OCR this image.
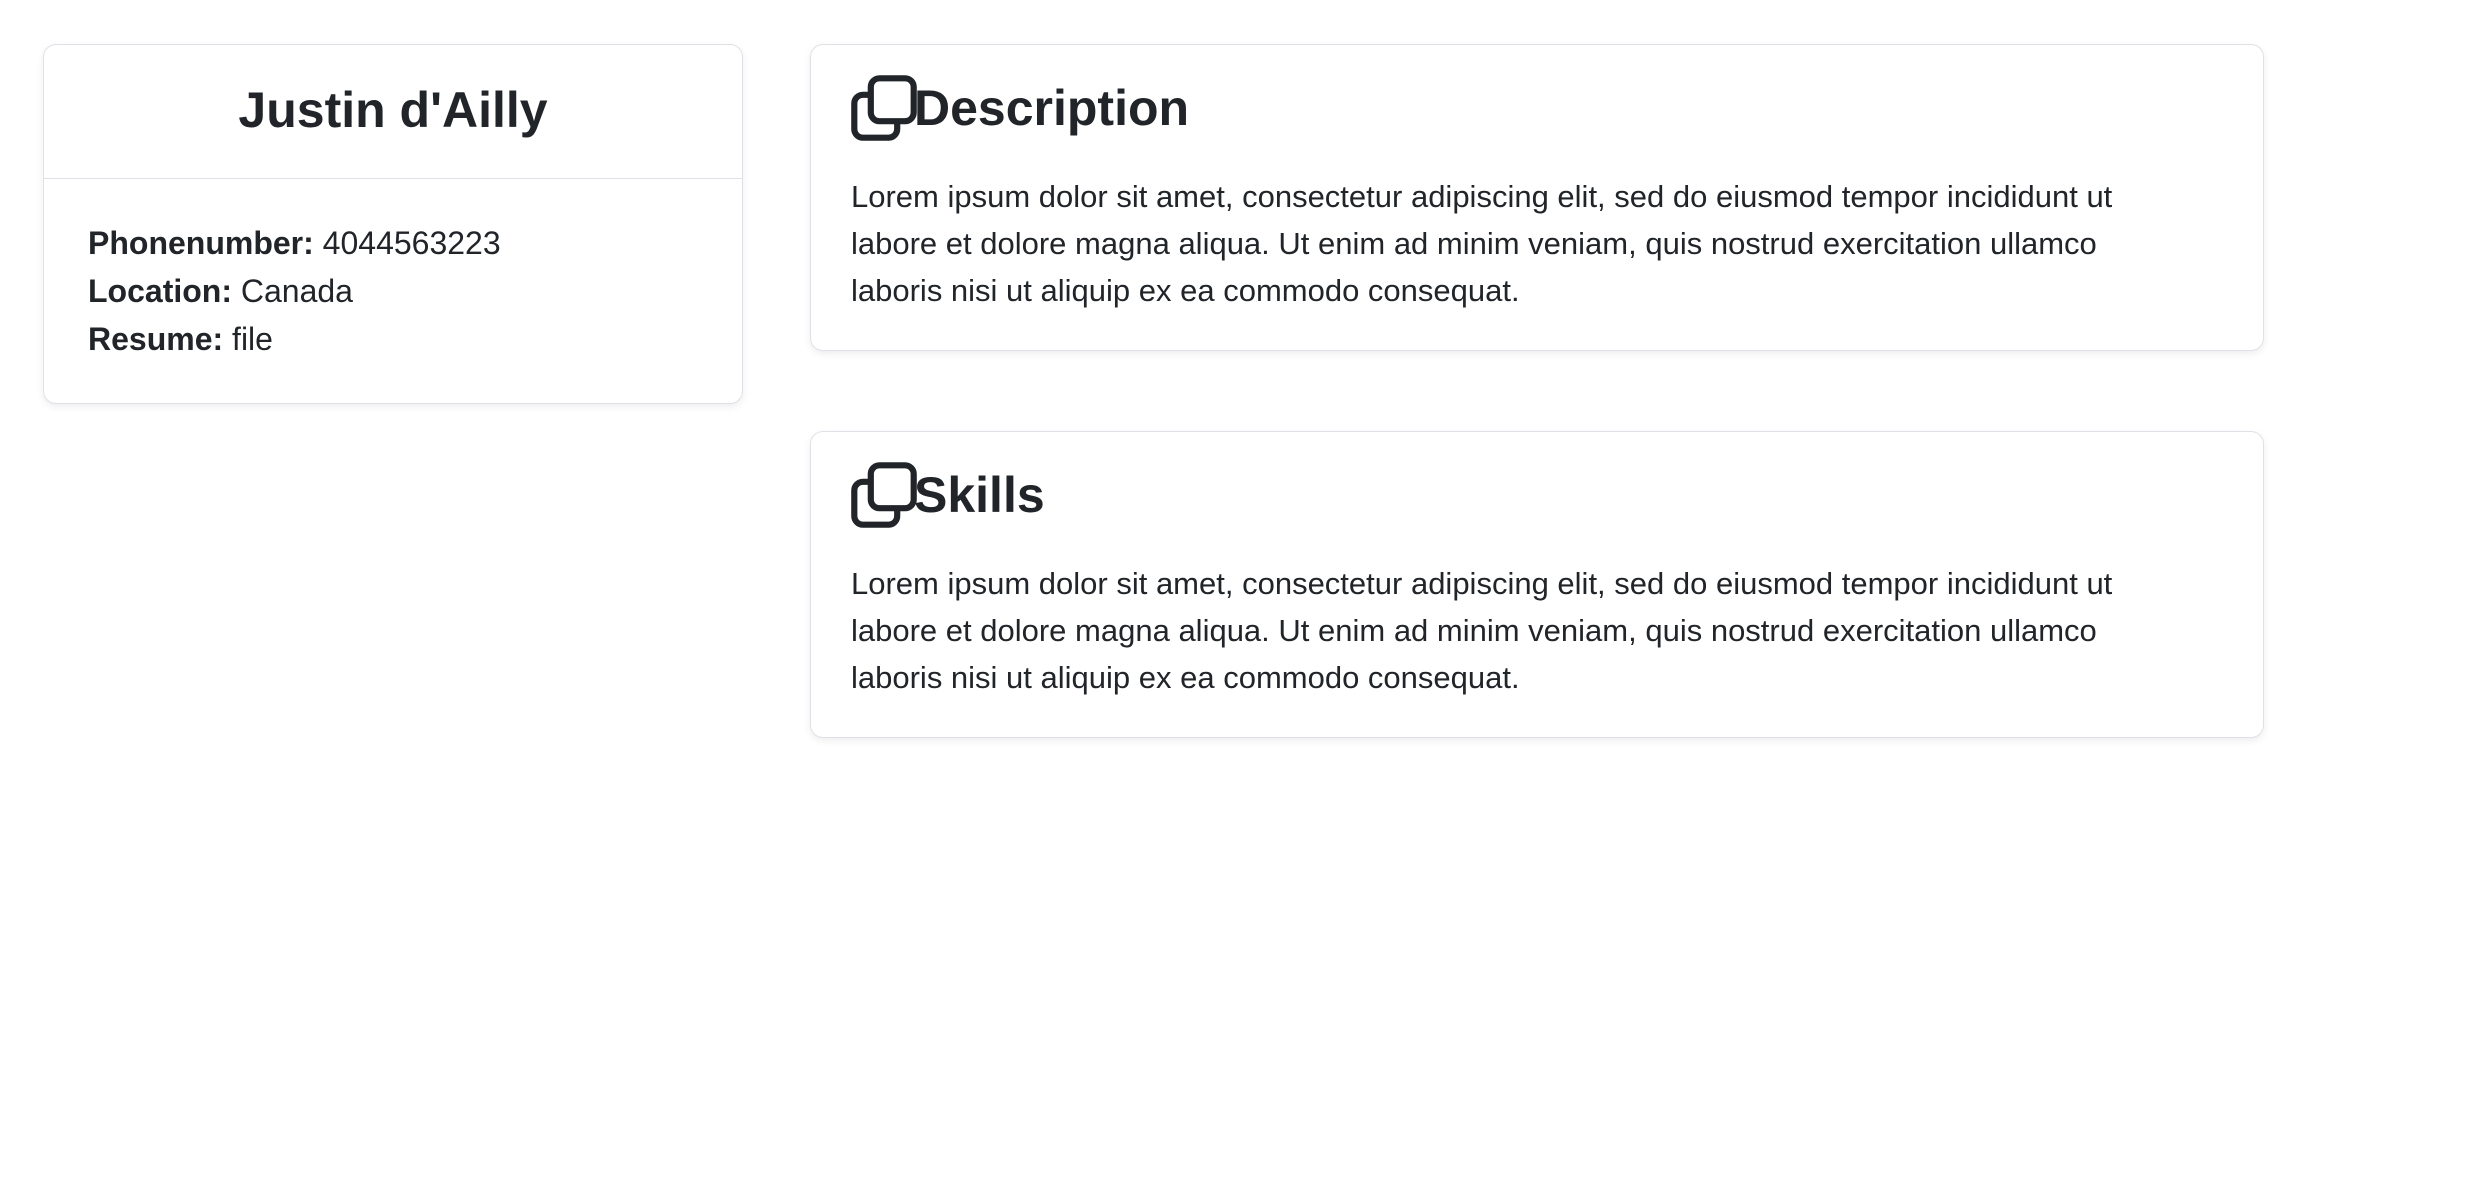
Justin d'Ailly
Phonenumber: 4044563223
Location: Canada
Resume: file
Description

Lorem ipsum dolor sit amet, consectetur adipiscing elit, sed do eiusmod tempor incididunt ut
labore et dolore magna aliqua. Ut enim ad minim veniam, quis nostrud exercitation ullamco
laboris nisi ut aliquip ex ea commodo consequat.

Skills

Lorem ipsum dolor sit amet, consectetur adipiscing elit, sed do eiusmod tempor incididunt ut
labore et dolore magna aliqua. Ut enim ad minim veniam, quis nostrud exercitation ullamco
laboris nisi ut aliquip ex ea commodo consequat.
